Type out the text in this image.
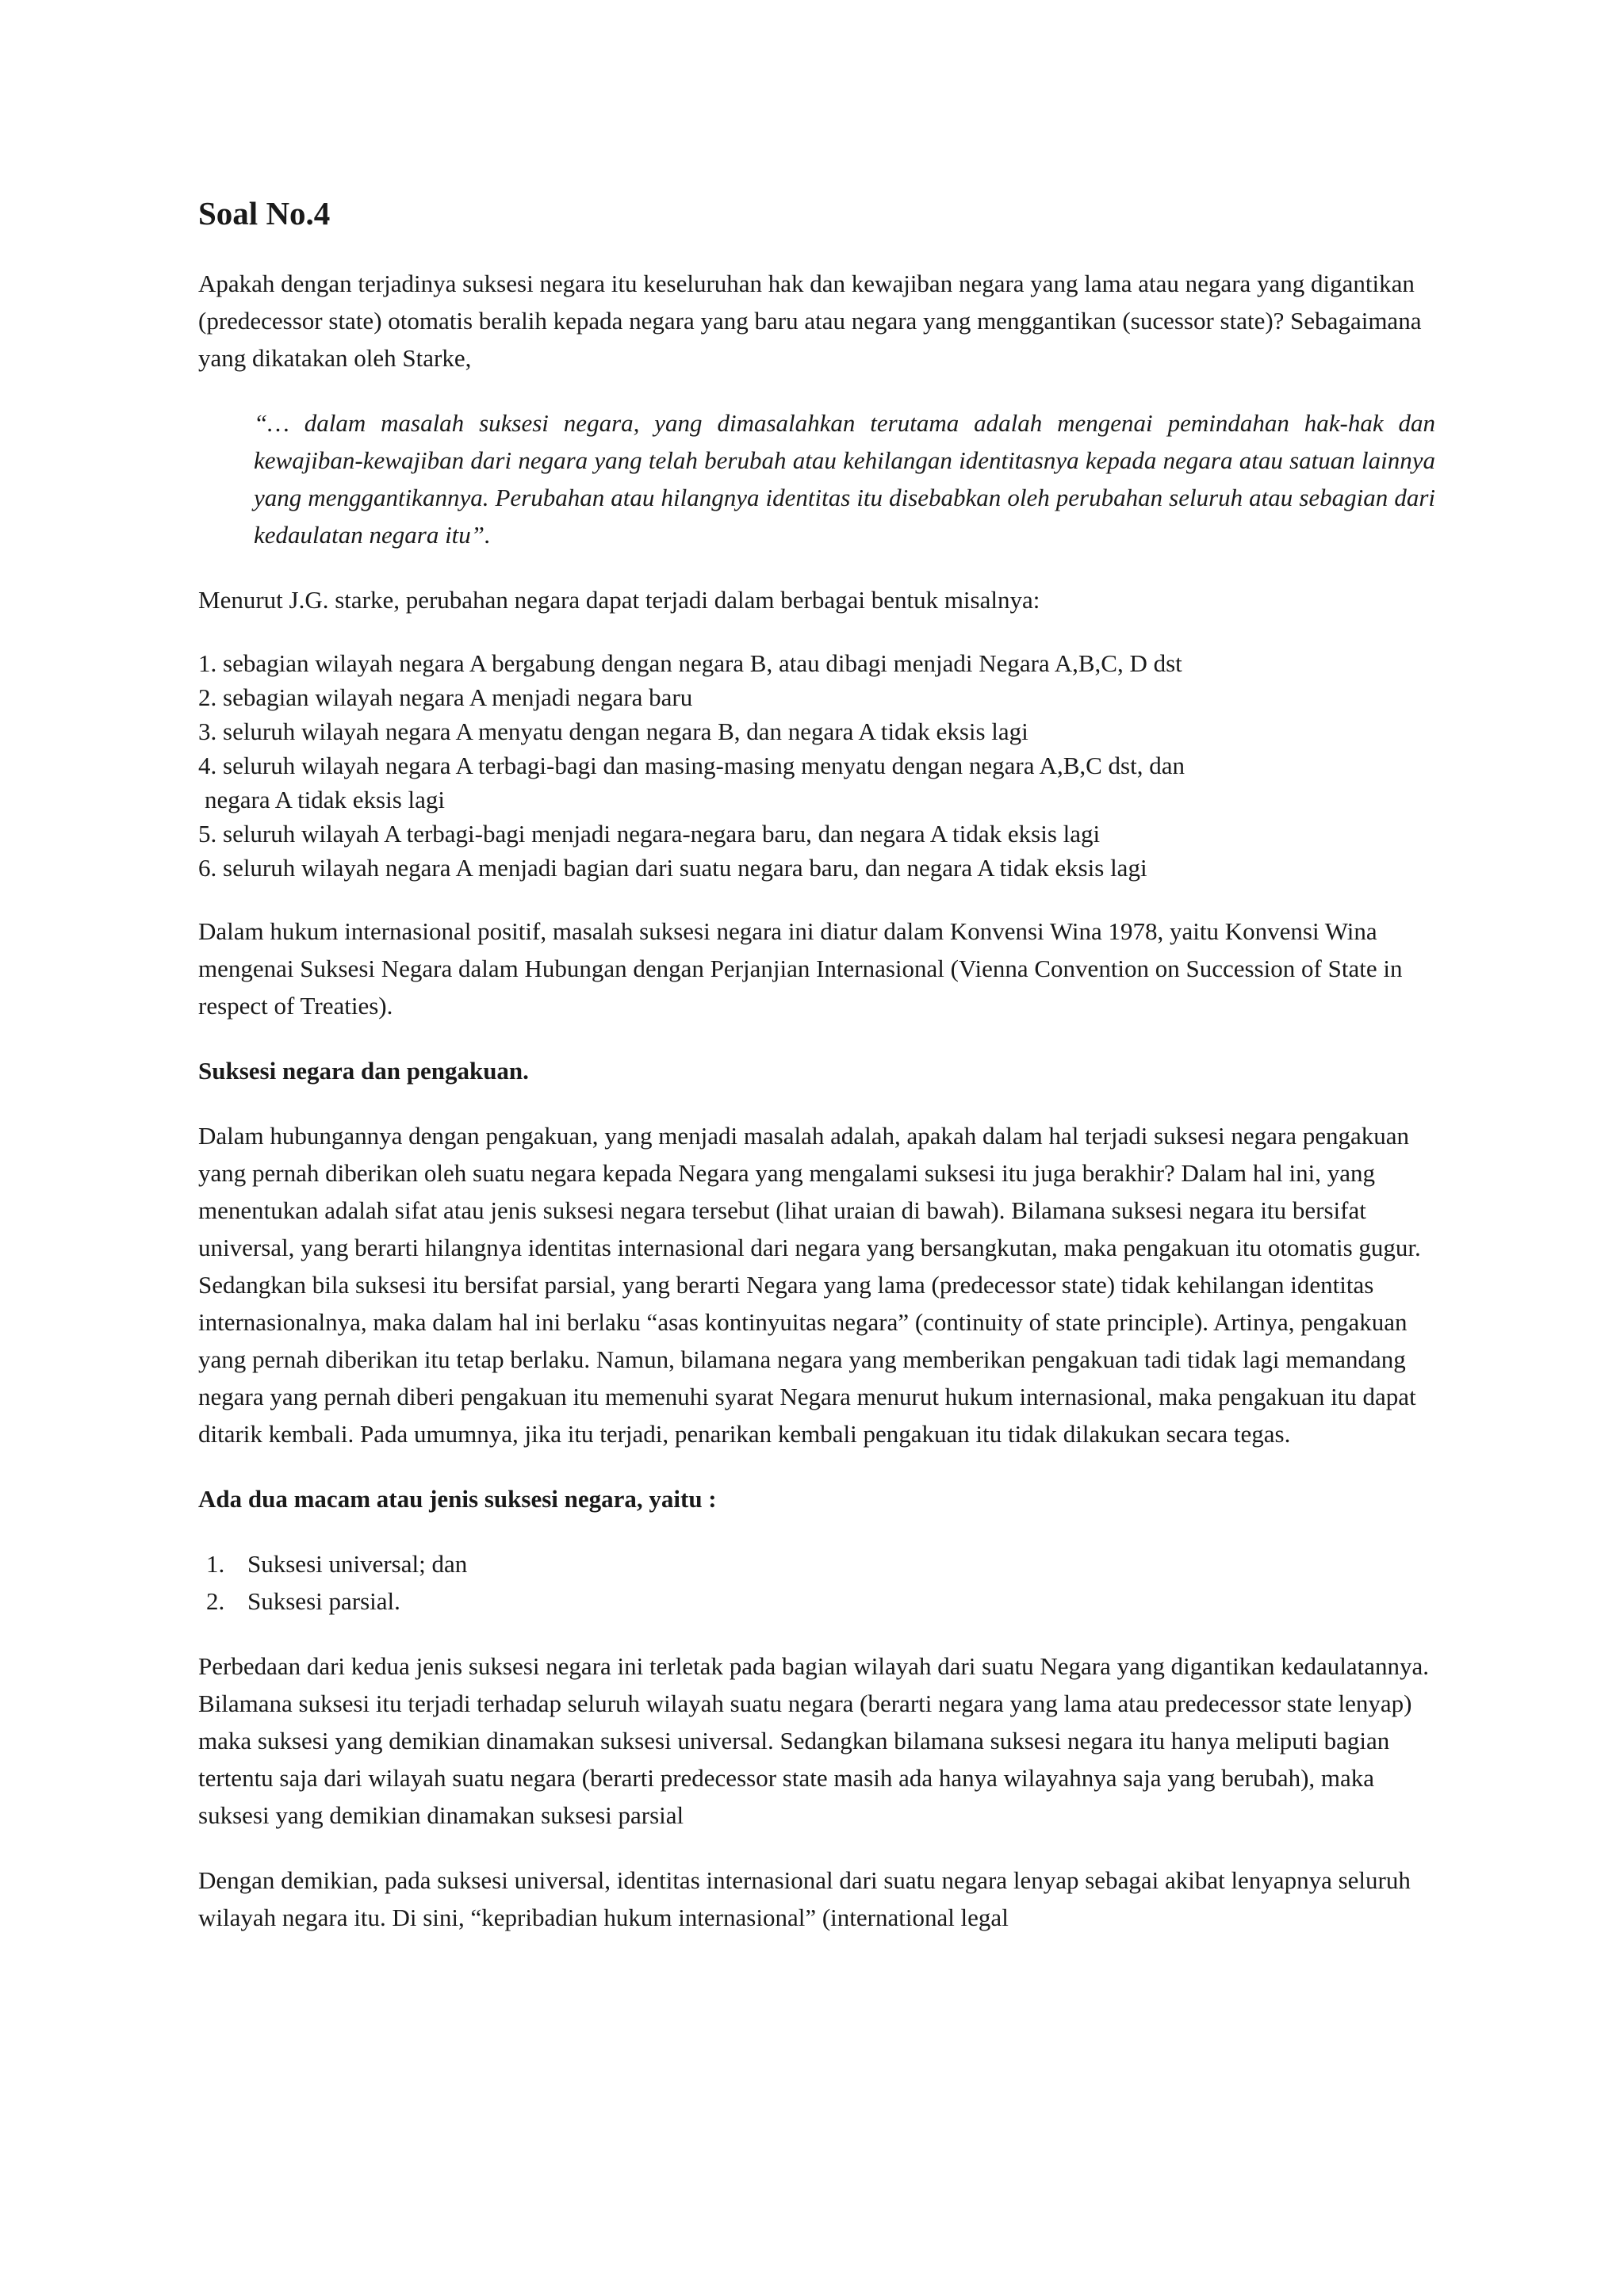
Soal No.4

Apakah dengan terjadinya suksesi negara itu keseluruhan hak dan kewajiban negara yang lama atau negara yang digantikan (predecessor state) otomatis beralih kepada negara yang baru atau negara yang menggantikan (sucessor state)? Sebagaimana yang dikatakan oleh Starke,

“… dalam masalah suksesi negara, yang dimasalahkan terutama adalah mengenai pemindahan hak-hak dan kewajiban-kewajiban dari negara yang telah berubah atau kehilangan identitasnya kepada negara atau satuan lainnya yang menggantikannya. Perubahan atau hilangnya identitas itu disebabkan oleh perubahan seluruh atau sebagian dari kedaulatan negara itu”.

Menurut J.G. starke, perubahan negara dapat terjadi dalam berbagai bentuk misalnya:

1. sebagian wilayah negara A bergabung dengan negara B, atau dibagi menjadi Negara A,B,C, D dst
2. sebagian wilayah negara A menjadi negara baru
3. seluruh wilayah negara A menyatu dengan negara B, dan negara A tidak eksis lagi
4. seluruh wilayah negara A terbagi-bagi dan masing-masing menyatu dengan negara A,B,C dst, dan
negara A tidak eksis lagi
5. seluruh wilayah A terbagi-bagi menjadi negara-negara baru, dan negara A tidak eksis lagi
6. seluruh wilayah negara A menjadi bagian dari suatu negara baru, dan negara A tidak eksis lagi

Dalam hukum internasional positif, masalah suksesi negara ini diatur dalam Konvensi Wina 1978, yaitu Konvensi Wina mengenai Suksesi Negara dalam Hubungan dengan Perjanjian Internasional (Vienna Convention on Succession of State in respect of Treaties).

Suksesi negara dan pengakuan.

Dalam hubungannya dengan pengakuan, yang menjadi masalah adalah, apakah dalam hal terjadi suksesi negara pengakuan yang pernah diberikan oleh suatu negara kepada Negara yang mengalami suksesi itu juga berakhir? Dalam hal ini, yang menentukan adalah sifat atau jenis suksesi negara tersebut (lihat uraian di bawah). Bilamana suksesi negara itu bersifat universal, yang berarti hilangnya identitas internasional dari negara yang bersangkutan, maka pengakuan itu otomatis gugur. Sedangkan bila suksesi itu bersifat parsial, yang berarti Negara yang lama (predecessor state) tidak kehilangan identitas internasionalnya, maka dalam hal ini berlaku “asas kontinyuitas negara” (continuity of state principle). Artinya, pengakuan yang pernah diberikan itu tetap berlaku. Namun, bilamana negara yang memberikan pengakuan tadi tidak lagi memandang negara yang pernah diberi pengakuan itu memenuhi syarat Negara menurut hukum internasional, maka pengakuan itu dapat ditarik kembali. Pada umumnya, jika itu terjadi, penarikan kembali pengakuan itu tidak dilakukan secara tegas.

Ada dua macam atau jenis suksesi negara, yaitu :
1. Suksesi universal; dan
2. Suksesi parsial.

Perbedaan dari kedua jenis suksesi negara ini terletak pada bagian wilayah dari suatu Negara yang digantikan kedaulatannya. Bilamana suksesi itu terjadi terhadap seluruh wilayah suatu negara (berarti negara yang lama atau predecessor state lenyap) maka suksesi yang demikian dinamakan suksesi universal. Sedangkan bilamana suksesi negara itu hanya meliputi bagian tertentu saja dari wilayah suatu negara (berarti predecessor state masih ada hanya wilayahnya saja yang berubah), maka suksesi yang demikian dinamakan suksesi parsial

Dengan demikian, pada suksesi universal, identitas internasional dari suatu negara lenyap sebagai akibat lenyapnya seluruh wilayah negara itu. Di sini, “kepribadian hukum internasional” (international legal
